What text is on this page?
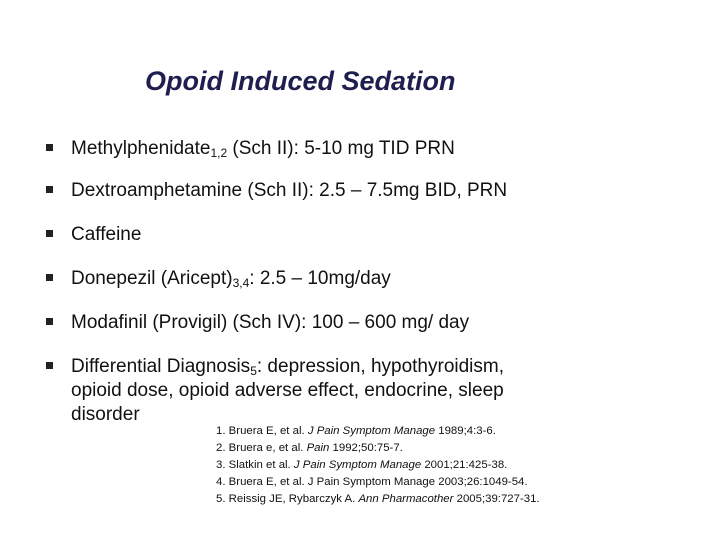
Opoid Induced Sedation
Methylphenidate$_{1,2}$ (Sch II): 5-10 mg TID PRN
Dextroamphetamine (Sch II): 2.5 – 7.5mg BID, PRN
Caffeine
Donepezil $(Aricept)_{3,4}$: 2.5 – 10mg/day
Modafinil (Provigil) (Sch IV): 100 – 600 mg/ day
Differential Diagnosis$_5$: depression, hypothyroidism,
opioid dose, opioid adverse effect, endocrine, sleep
disorder
1. Bruera E, et al. J Pain Symptom Manage 1989;4:3-6.
2. Bruera e, et al. Pain 1992;50:75-7.
3. Slatkin et al. J Pain Symptom Manage 2001;21:425-38.
4. Bruera E, et al. J Pain Symptom Manage 2003;26:1049-54.
5. Reissig JE, Rybarczyk A. Ann Pharmacother 2005;39:727-31.
